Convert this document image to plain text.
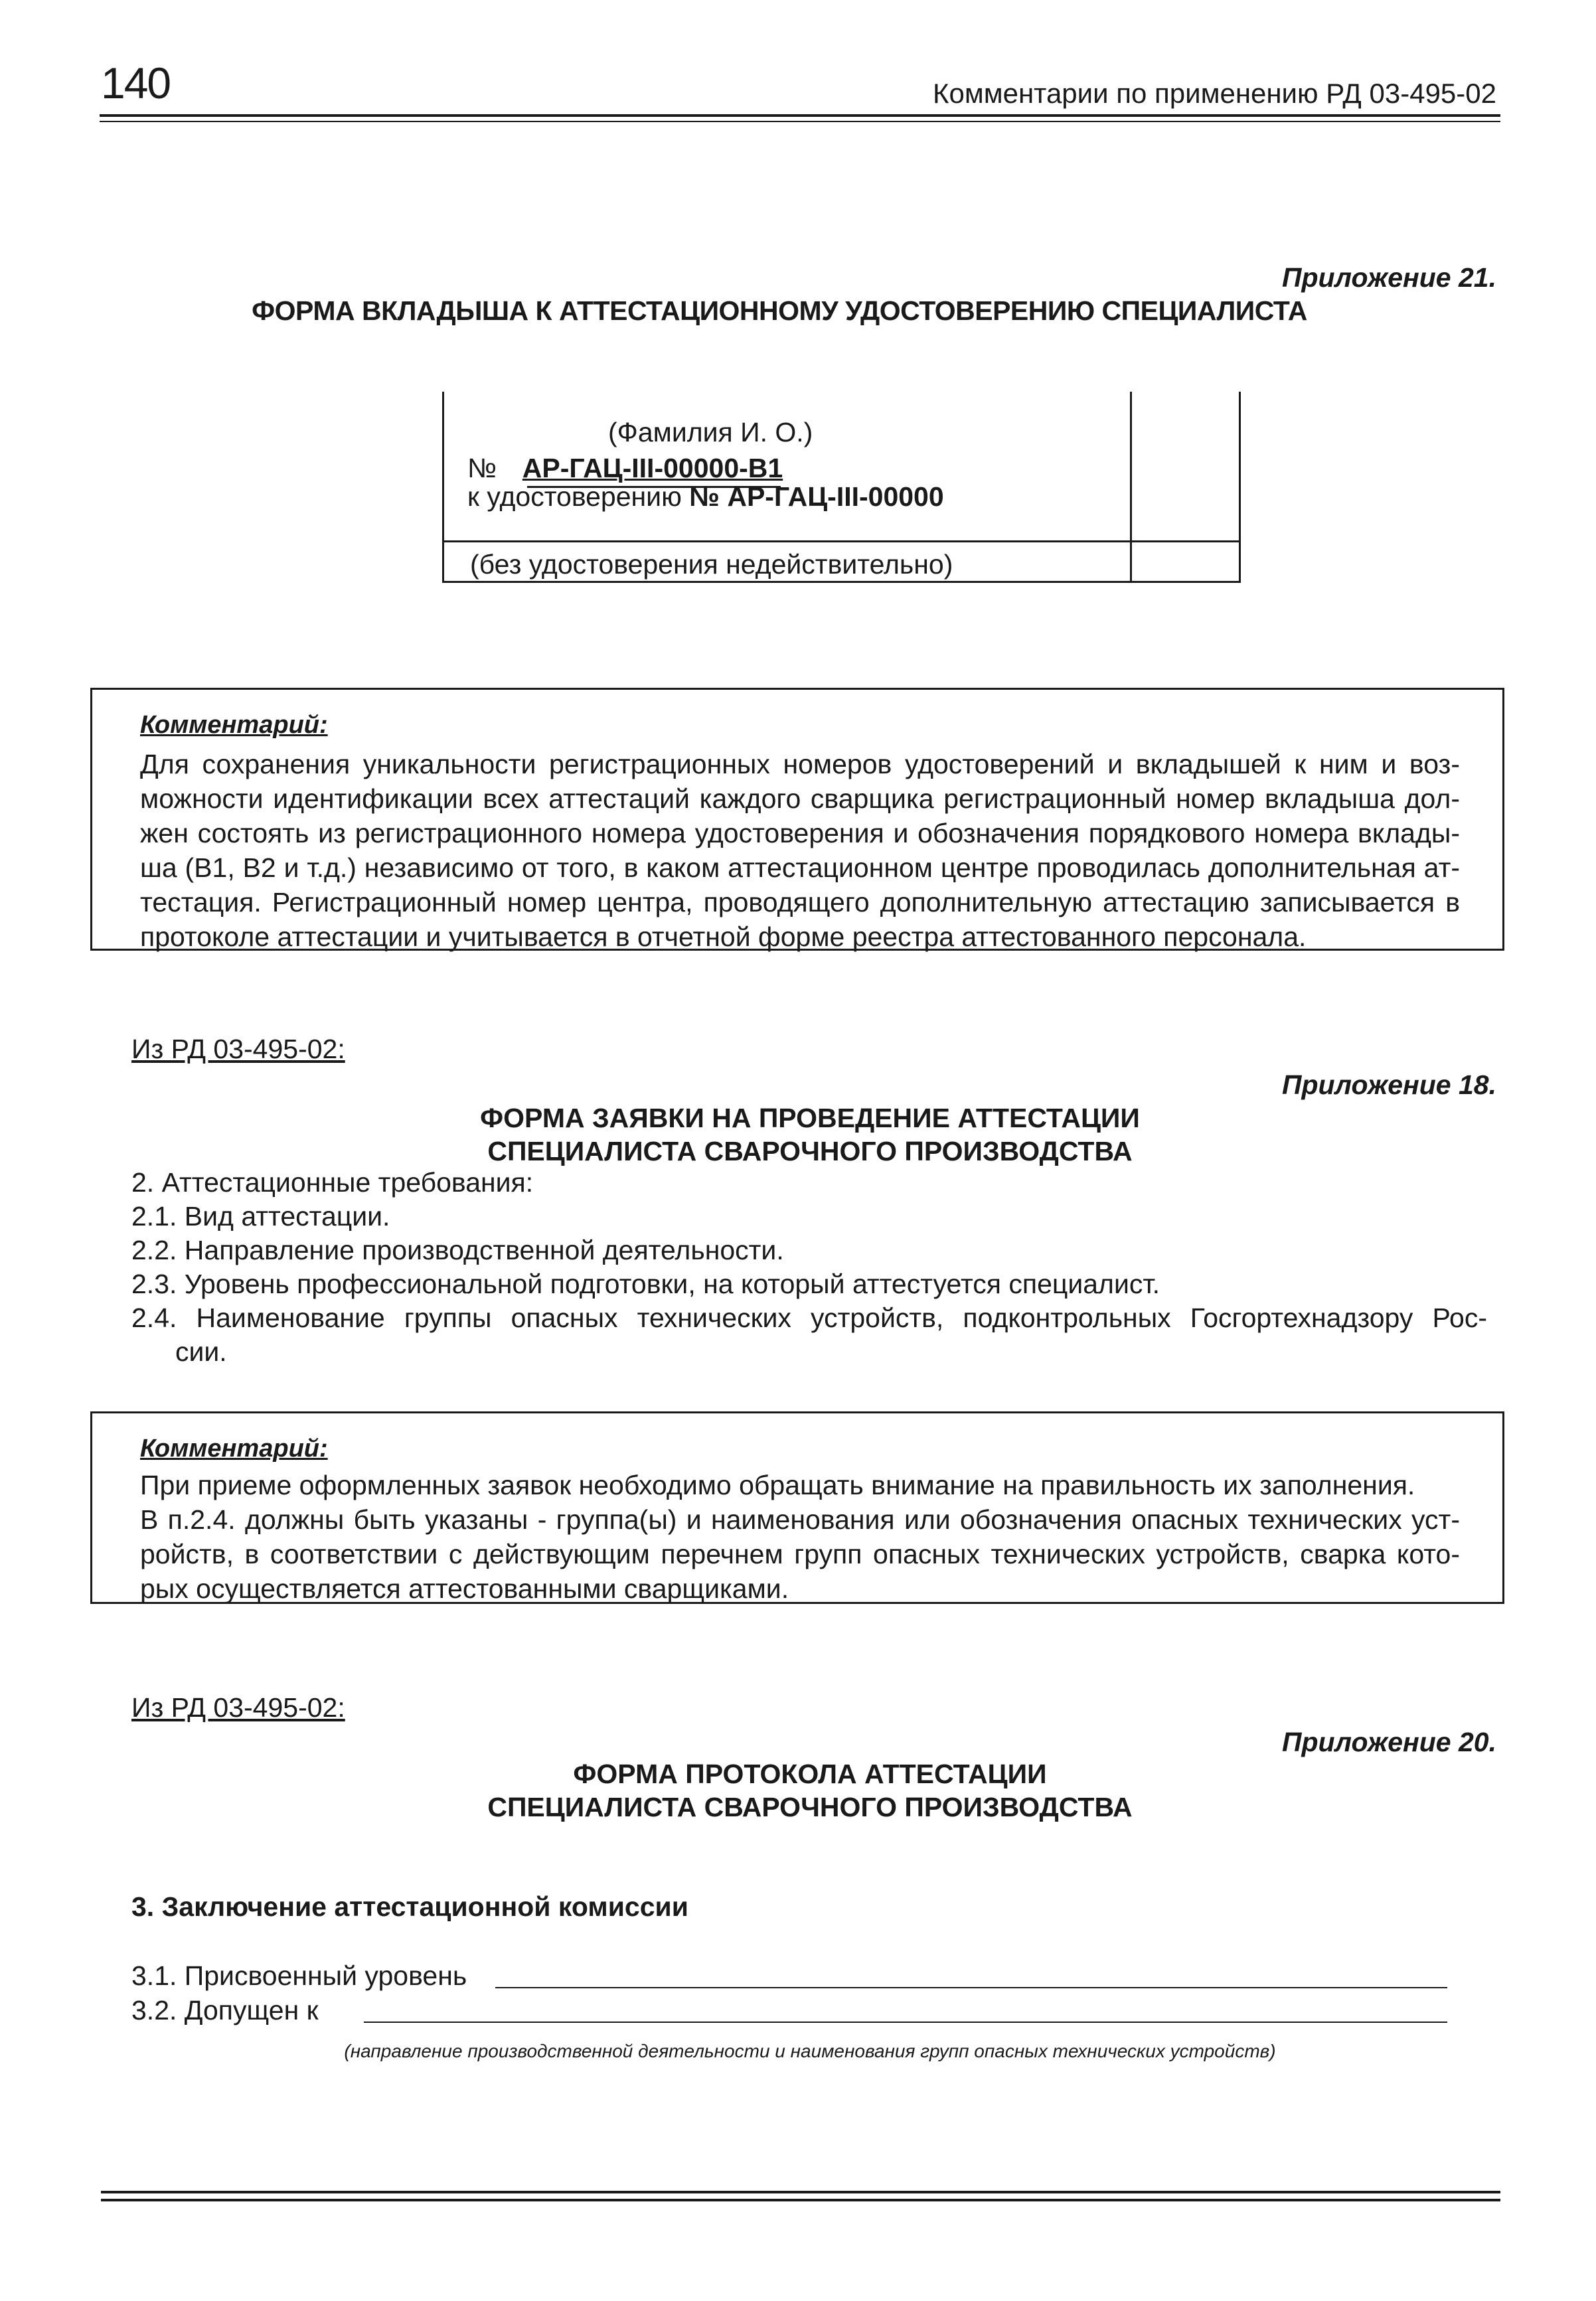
140	Комментарии по применению РД 03-495-02
Приложение 21.
ФОРМА ВКЛАДЫША К АТТЕСТАЦИОННОМУ УДОСТОВЕРЕНИЮ СПЕЦИАЛИСТА
(Фамилия И. О.)
№ АР-ГАЦ-III-00000-В1
к удостоверению № АР-ГАЦ-III-00000
(без удостоверения недействительно)
Комментарий:
Для сохранения уникальности регистрационных номеров удостоверений и вкладышей к ним и воз-
можности идентификации всех аттестаций каждого сварщика регистрационный номер вкладыша дол-
жен состоять из регистрационного номера удостоверения и обозначения порядкового номера вклады-
ша (В1, В2 и т.д.) независимо от того, в каком аттестационном центре проводилась дополнительная ат-
тестация. Регистрационный номер центра, проводящего дополнительную аттестацию записывается в
протоколе аттестации и учитывается в отчетной форме реестра аттестованного персонала.
Из РД 03-495-02:
Приложение 18.
ФОРМА ЗАЯВКИ НА ПРОВЕДЕНИЕ АТТЕСТАЦИИ
СПЕЦИАЛИСТА СВАРОЧНОГО ПРОИЗВОДСТВА
2. Аттестационные требования:
2.1. Вид аттестации.
2.2. Направление производственной деятельности.
2.3. Уровень профессиональной подготовки, на который аттестуется специалист.
2.4. Наименование группы опасных технических устройств, подконтрольных Госгортехнадзору Рос-
сии.
Комментарий:
При приеме оформленных заявок необходимо обращать внимание на правильность их заполнения.
В п.2.4. должны быть указаны - группа(ы) и наименования или обозначения опасных технических уст-
ройств, в соответствии с действующим перечнем групп опасных технических устройств, сварка кото-
рых осуществляется аттестованными сварщиками.
Из РД 03-495-02:
Приложение 20.
ФОРМА ПРОТОКОЛА АТТЕСТАЦИИ
СПЕЦИАЛИСТА СВАРОЧНОГО ПРОИЗВОДСТВА
3. Заключение аттестационной комиссии
3.1. Присвоенный уровень
3.2. Допущен к
(направление производственной деятельности и наименования групп опасных технических устройств)
